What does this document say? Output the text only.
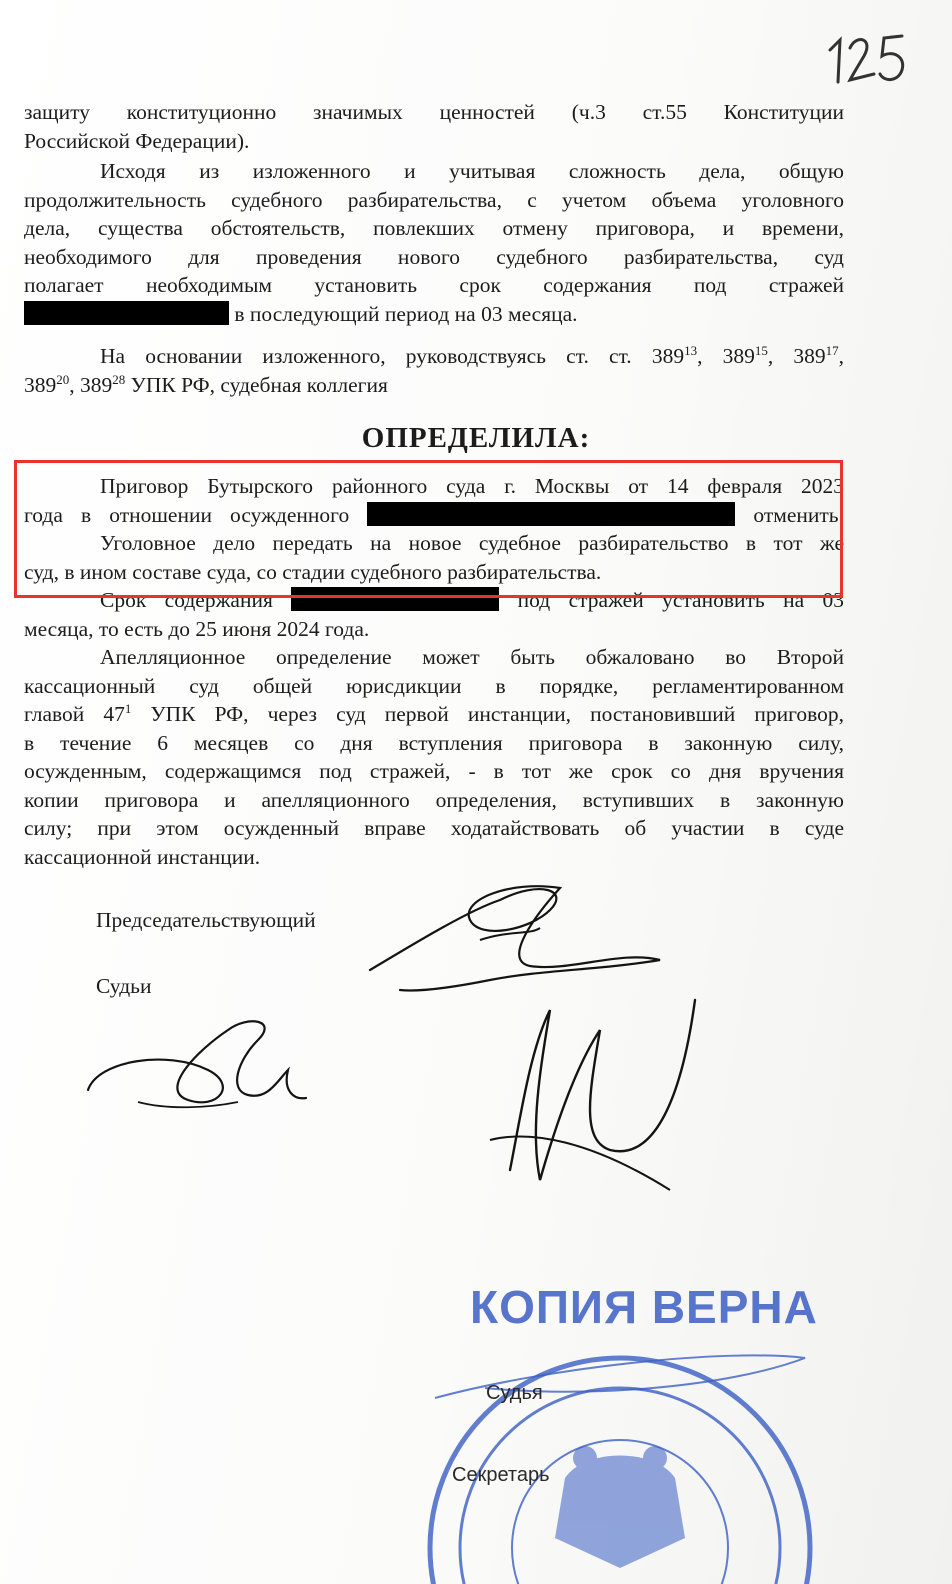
защиту конституционно значимых ценностей (ч.3 ст.55 Конституции
Российской Федерации).
Исходя из изложенного и учитывая сложность дела, общую
продолжительность судебного разбирательства, с учетом объема уголовного
дела, существа обстоятельств, повлекших отмену приговора, и времени,
необходимого для проведения нового судебного разбирательства, суд
полагает необходимым установить срок содержания под стражей
в последующий период на 03 месяца.
На основании изложенного, руководствуясь ст. ст. $389^{13}$, $389^{15}$, $389^{17}$,
$389^{20}$, $389^{28}$ УПК РФ, судебная коллегия
ОПРЕДЕЛИЛА:
Приговор Бутырского районного суда г. Москвы от 14 февраля 2023
года в отношении осужденного	отменить.
Уголовное дело передать на новое судебное разбирательство в тот же
суд, в ином составе суда, со стадии судебного разбирательства.
Срок содержания	под стражей установить на 03
месяца, то есть до 25 июня 2024 года.
Апелляционное определение может быть обжаловано во Второй
кассационный суд общей юрисдикции в порядке, регламентированном
главой $47^1$ УПК РФ, через суд первой инстанции, постановивший приговор,
в течение 6 месяцев со дня вступления приговора в законную силу,
осужденным, содержащимся под стражей, - в тот же срок со дня вручения
копии приговора и апелляционного определения, вступивших в законную
силу; при этом осужденный вправе ходатайствовать об участии в суде
кассационной инстанции.
Председательствующий
Судьи
КОПИЯ ВЕРНА
Судья
Секретарь
